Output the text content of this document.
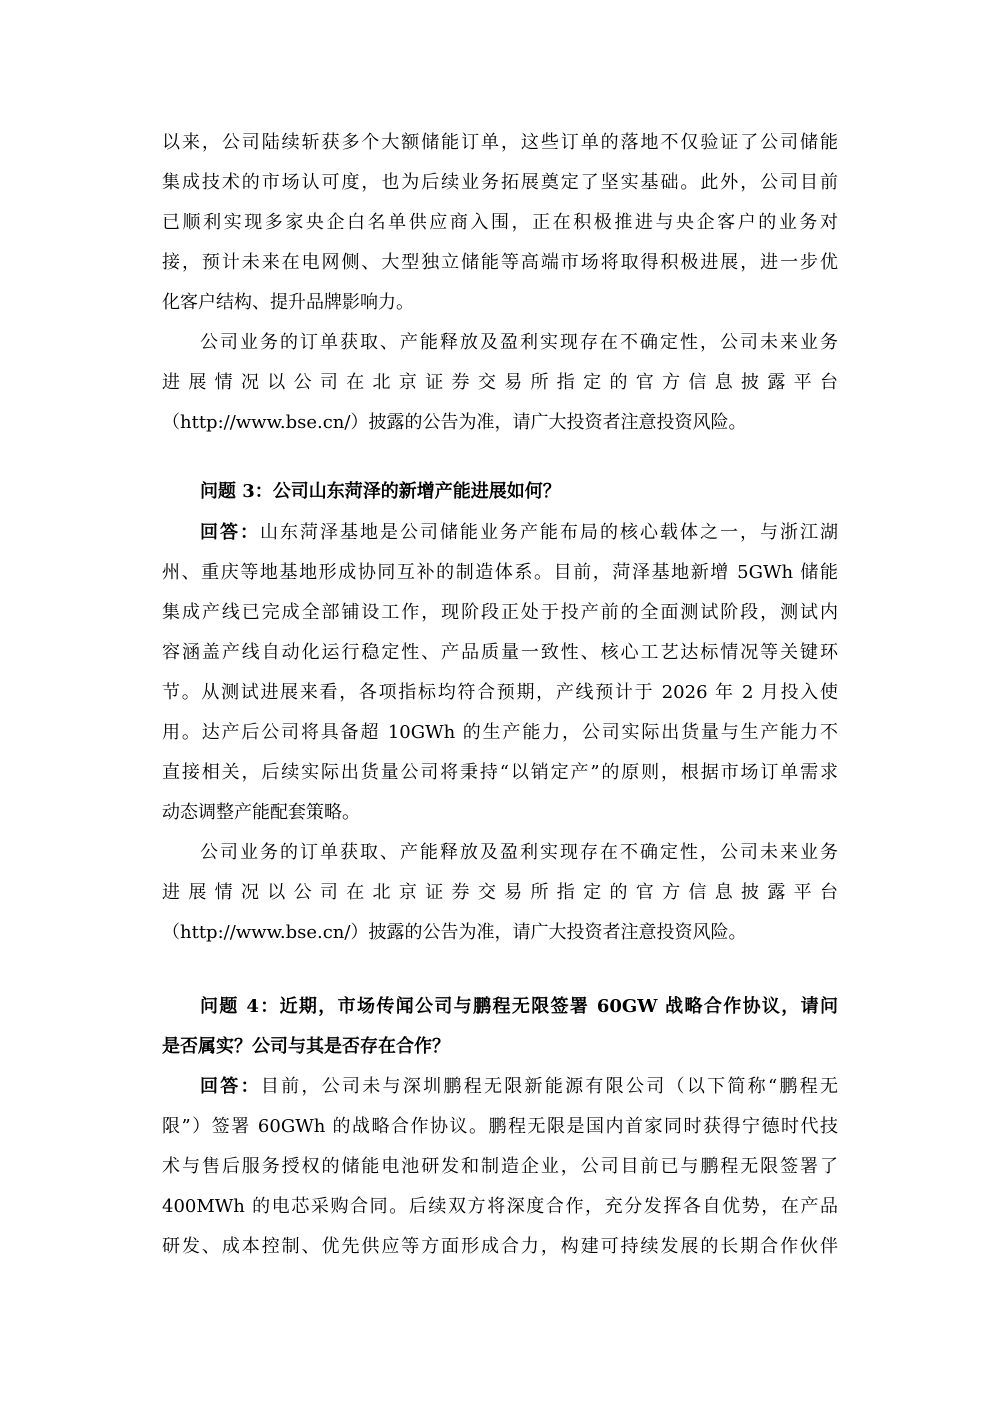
以来，公司陆续斩获多个大额储能订单，这些订单的落地不仅验证了公司储能
集成技术的市场认可度，也为后续业务拓展奠定了坚实基础。此外，公司目前
已顺利实现多家央企白名单供应商入围，正在积极推进与央企客户的业务对
接，预计未来在电网侧、大型独立储能等高端市场将取得积极进展，进一步优
化客户结构、提升品牌影响力。
公司业务的订单获取、产能释放及盈利实现存在不确定性，公司未来业务
进展情况以公司在北京证券交易所指定的官方信息披露平台
（http://www.bse.cn/）披露的公告为准，请广大投资者注意投资风险。
问题 3：公司山东菏泽的新增产能进展如何？
回答：山东菏泽基地是公司储能业务产能布局的核心载体之一，与浙江湖
州、重庆等地基地形成协同互补的制造体系。目前，菏泽基地新增 5GWh 储能
集成产线已完成全部铺设工作，现阶段正处于投产前的全面测试阶段，测试内
容涵盖产线自动化运行稳定性、产品质量一致性、核心工艺达标情况等关键环
节。从测试进展来看，各项指标均符合预期，产线预计于 2026 年 2 月投入使
用。达产后公司将具备超 10GWh 的生产能力，公司实际出货量与生产能力不
直接相关，后续实际出货量公司将秉持“以销定产”的原则，根据市场订单需求
动态调整产能配套策略。
公司业务的订单获取、产能释放及盈利实现存在不确定性，公司未来业务
进展情况以公司在北京证券交易所指定的官方信息披露平台
（http://www.bse.cn/）披露的公告为准，请广大投资者注意投资风险。
问题 4：近期，市场传闻公司与鹏程无限签署 60GW 战略合作协议，请问
是否属实？公司与其是否存在合作？
回答：目前，公司未与深圳鹏程无限新能源有限公司（以下简称“鹏程无
限”）签署 60GWh 的战略合作协议。鹏程无限是国内首家同时获得宁德时代技
术与售后服务授权的储能电池研发和制造企业，公司目前已与鹏程无限签署了
400MWh 的电芯采购合同。后续双方将深度合作，充分发挥各自优势，在产品
研发、成本控制、优先供应等方面形成合力，构建可持续发展的长期合作伙伴
